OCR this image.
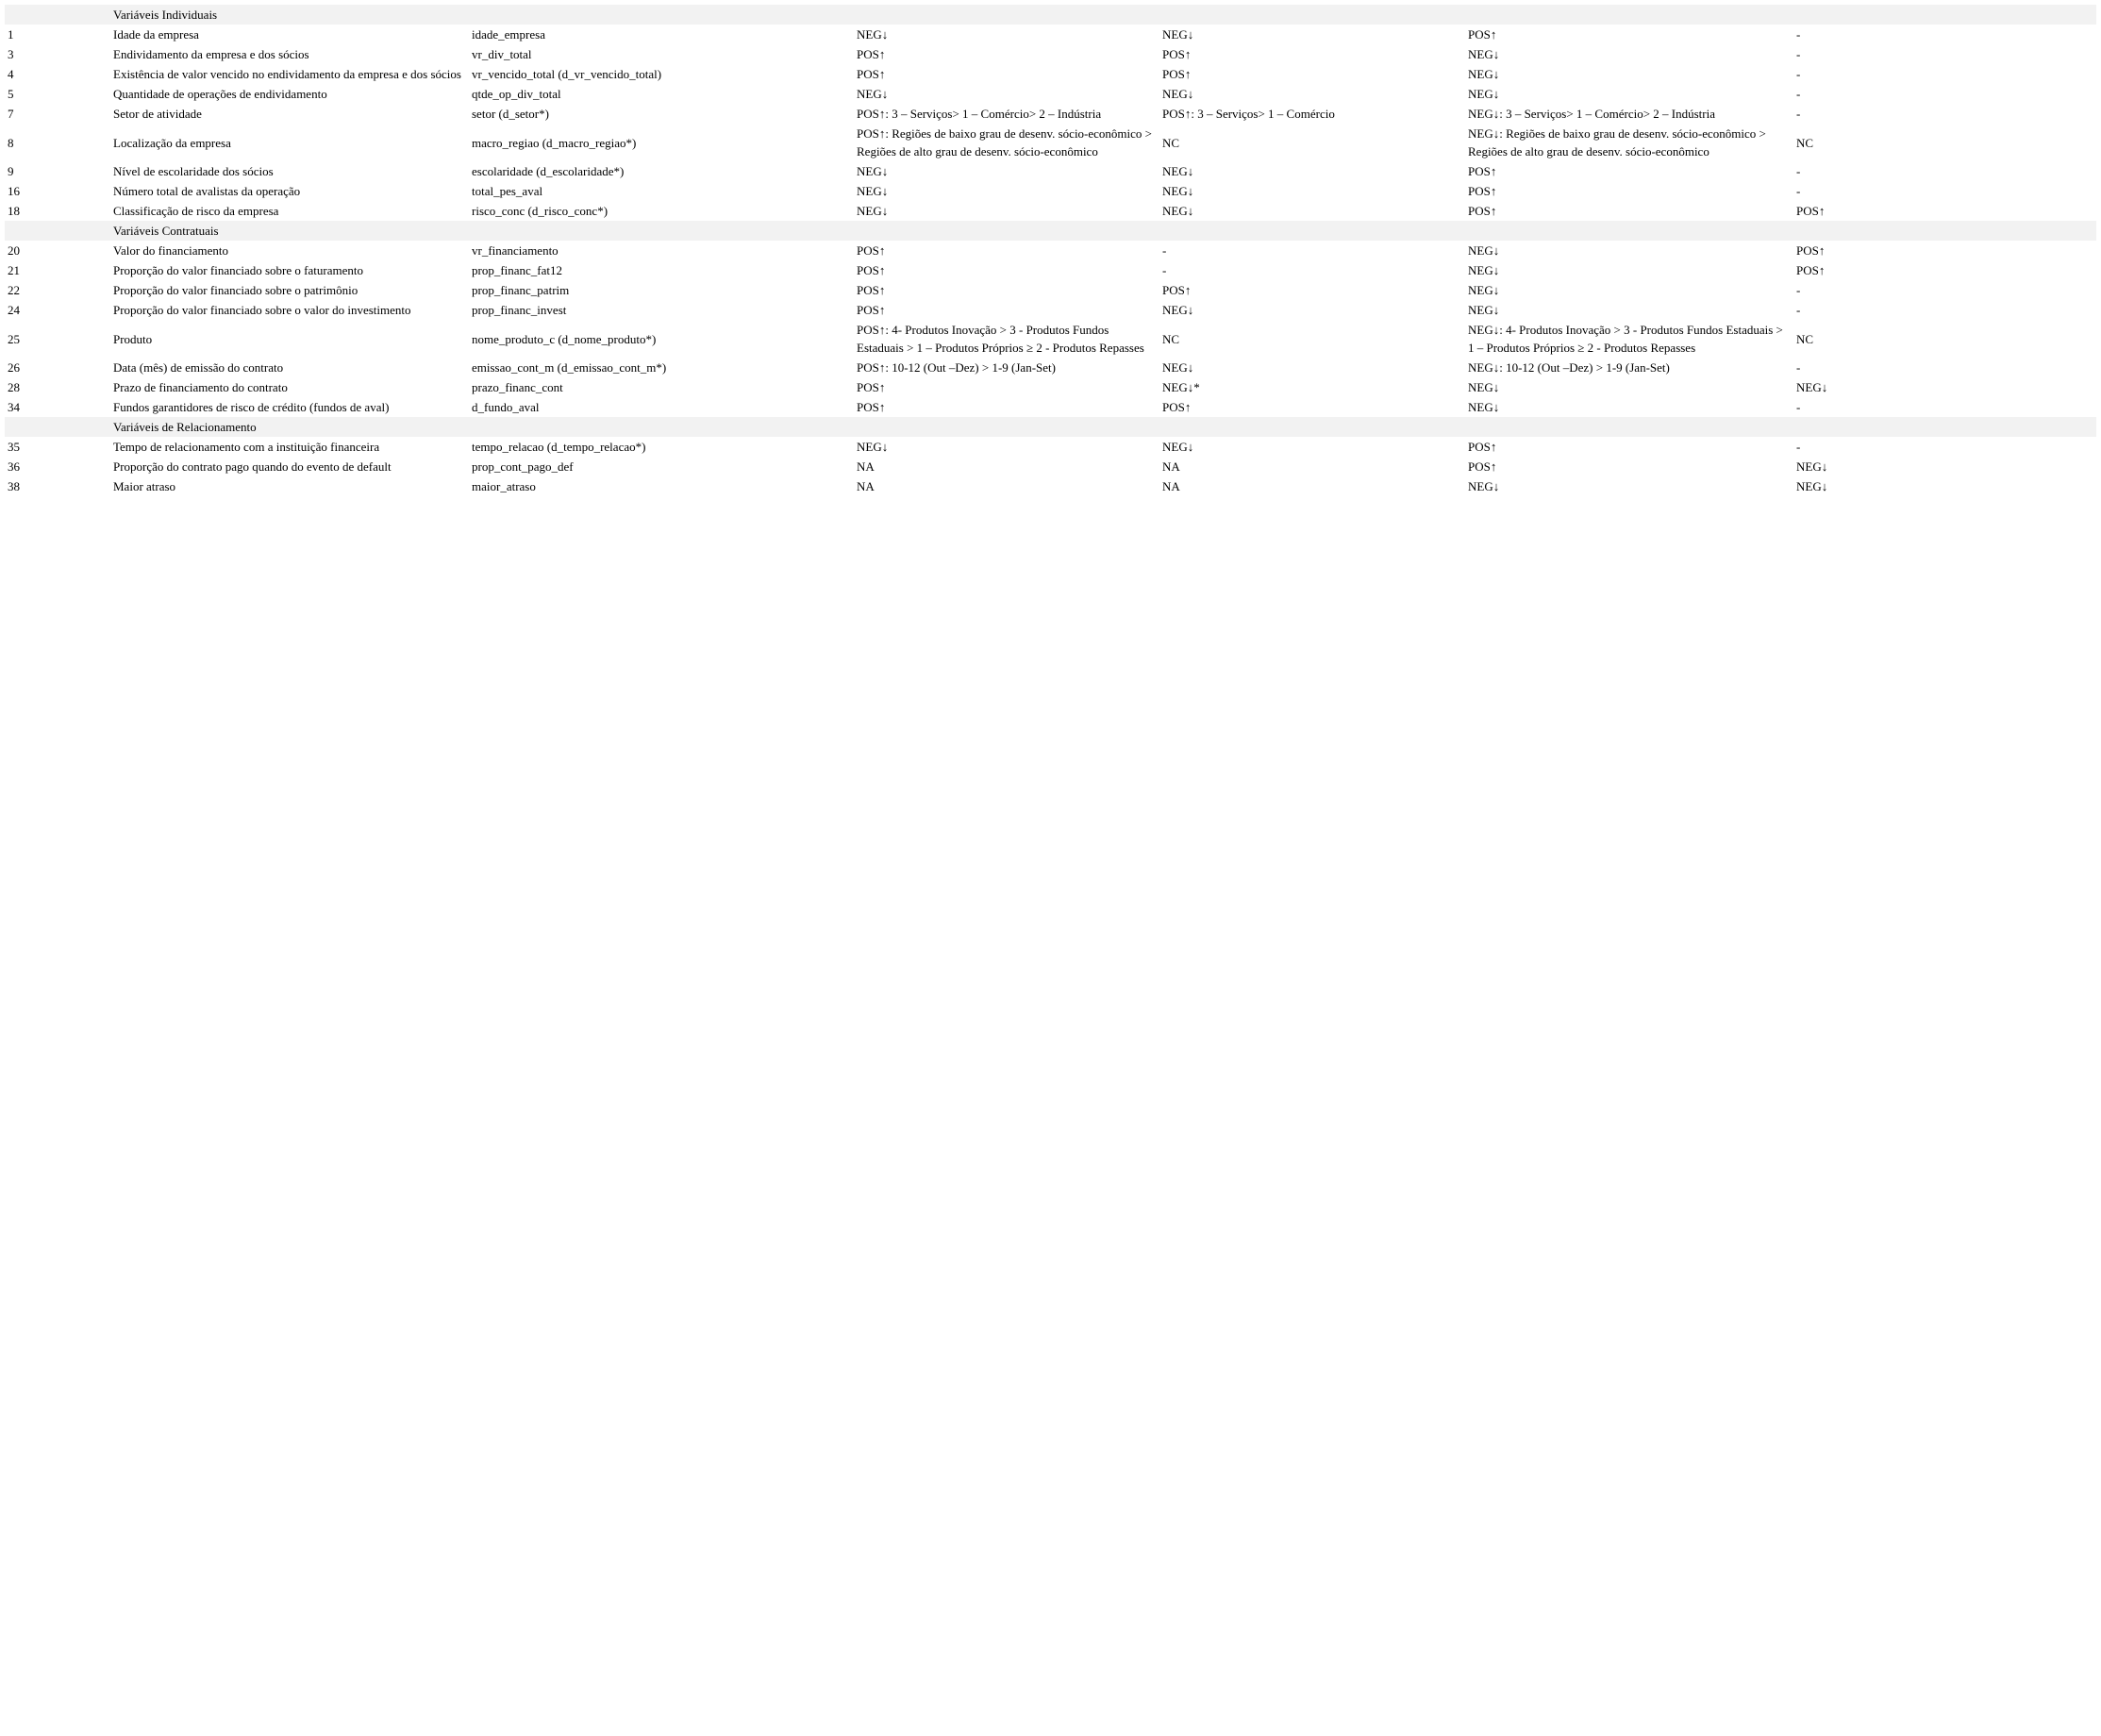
	Variáveis Individuais					
1	Idade da empresa	idade_empresa	NEG↓	NEG↓	POS↑	-
3	Endividamento da empresa e dos sócios	vr_div_total	POS↑	POS↑	NEG↓	-
4	Existência de valor vencido no endividamento da empresa e dos sócios	vr_vencido_total (d_vr_vencido_total)	POS↑	POS↑	NEG↓	-
5	Quantidade de operações de endividamento	qtde_op_div_total	NEG↓	NEG↓	NEG↓	-
7	Setor de atividade	setor (d_setor*)	POS↑: 3 – Serviços> 1 – Comércio> 2 – Indústria	POS↑: 3 – Serviços> 1 – Comércio	NEG↓: 3 – Serviços> 1 – Comércio> 2 – Indústria	-
8	Localização da empresa	macro_regiao (d_macro_regiao*)	POS↑: Regiões de baixo grau de desenv. sócio-econômico > Regiões de alto grau de desenv. sócio-econômico	NC	NEG↓: Regiões de baixo grau de desenv. sócio-econômico > Regiões de alto grau de desenv. sócio-econômico	NC
9	Nível de escolaridade dos sócios	escolaridade (d_escolaridade*)	NEG↓	NEG↓	POS↑	-
16	Número total de avalistas da operação	total_pes_aval	NEG↓	NEG↓	POS↑	-
18	Classificação de risco da empresa	risco_conc (d_risco_conc*)	NEG↓	NEG↓	POS↑	POS↑
	Variáveis Contratuais					
20	Valor do financiamento	vr_financiamento	POS↑	-	NEG↓	POS↑
21	Proporção do valor financiado sobre o faturamento	prop_financ_fat12	POS↑	-	NEG↓	POS↑
22	Proporção do valor financiado sobre o patrimônio	prop_financ_patrim	POS↑	POS↑	NEG↓	-
24	Proporção do valor financiado sobre o valor do investimento	prop_financ_invest	POS↑	NEG↓	NEG↓	-
25	Produto	nome_produto_c (d_nome_produto*)	POS↑: 4- Produtos Inovação > 3 - Produtos Fundos Estaduais > 1 – Produtos Próprios ≥ 2 - Produtos Repasses	NC	NEG↓: 4- Produtos Inovação > 3 - Produtos Fundos Estaduais > 1 – Produtos Próprios ≥ 2 - Produtos Repasses	NC
26	Data (mês) de emissão do contrato	emissao_cont_m (d_emissao_cont_m*)	POS↑: 10-12 (Out –Dez) > 1-9 (Jan-Set)	NEG↓	NEG↓: 10-12 (Out –Dez) > 1-9 (Jan-Set)	-
28	Prazo de financiamento do contrato	prazo_financ_cont	POS↑	NEG↓*	NEG↓	NEG↓
34	Fundos garantidores de risco de crédito (fundos de aval)	d_fundo_aval	POS↑	POS↑	NEG↓	-
	Variáveis de Relacionamento					
35	Tempo de relacionamento com a instituição financeira	tempo_relacao (d_tempo_relacao*)	NEG↓	NEG↓	POS↑	-
36	Proporção do contrato pago quando do evento de default	prop_cont_pago_def	NA	NA	POS↑	NEG↓
38	Maior atraso	maior_atraso	NA	NA	NEG↓	NEG↓
